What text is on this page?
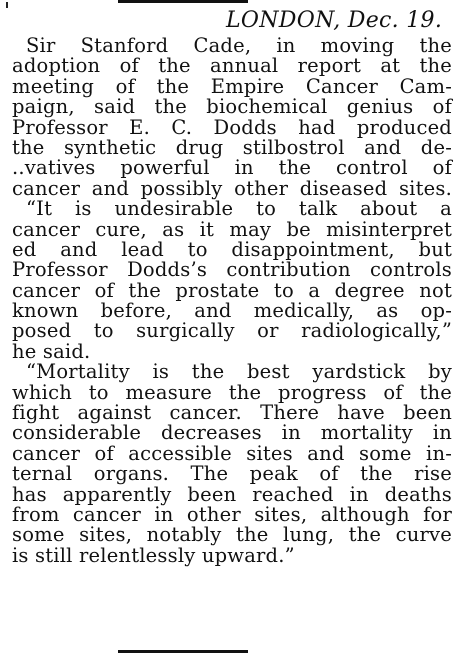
LONDON, Dec. 19.
Sir Stanford Cade, in moving the
adoption of the annual report at the
meeting of the Empire Cancer Cam-
paign, said the biochemical genius of
Professor E. C. Dodds had produced
the synthetic drug stilbostrol and de-
..vatives powerful in the control of
cancer and possibly other diseased sites.
“It is undesirable to talk about a
cancer cure, as it may be misinterpret
ed and lead to disappointment, but
Professor Dodds’s contribution controls
cancer of the prostate to a degree not
known before, and medically, as op-
posed to surgically or radiologically,”
he said.
“Mortality is the best yardstick by
which to measure the progress of the
fight against cancer. There have been
considerable decreases in mortality in
cancer of accessible sites and some in-
ternal organs. The peak of the rise
has apparently been reached in deaths
from cancer in other sites, although for
some sites, notably the lung, the curve
is still relentlessly upward.”
